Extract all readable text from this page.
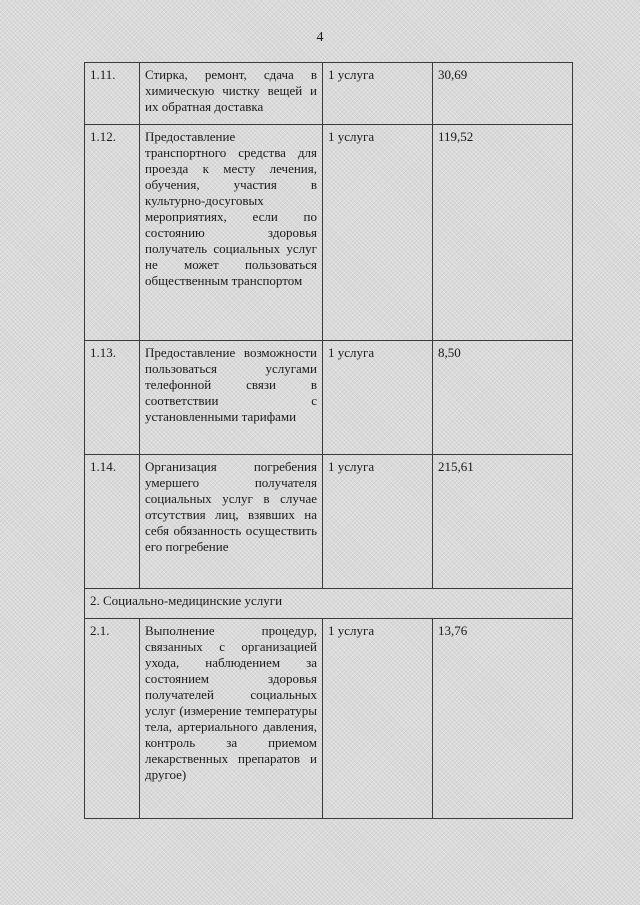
4
1.11.	Стирка, ремонт, сдача в химическую чистку вещей и их обратная доставка	1 услуга	30,69
1.12.	Предоставление транспортного средства для проезда к месту лечения, обучения, участия в культурно-досуговых мероприятиях, если по состоянию здоровья получатель социальных услуг не может пользоваться общественным транспортом	1 услуга	119,52
1.13.	Предоставление возможности пользоваться услугами телефонной связи в соответствии с установленными тарифами	1 услуга	8,50
1.14.	Организация погребения умершего получателя социальных услуг в случае отсутствия лиц, взявших на себя обязанность осуществить его погребение	1 услуга	215,61
2. Социально-медицинские услуги			
2.1.	Выполнение процедур, связанных с организацией ухода, наблюдением за состоянием здоровья получателей социальных услуг (измерение температуры тела, артериального давления, контроль за приемом лекарственных препаратов и другое)	1 услуга	13,76
